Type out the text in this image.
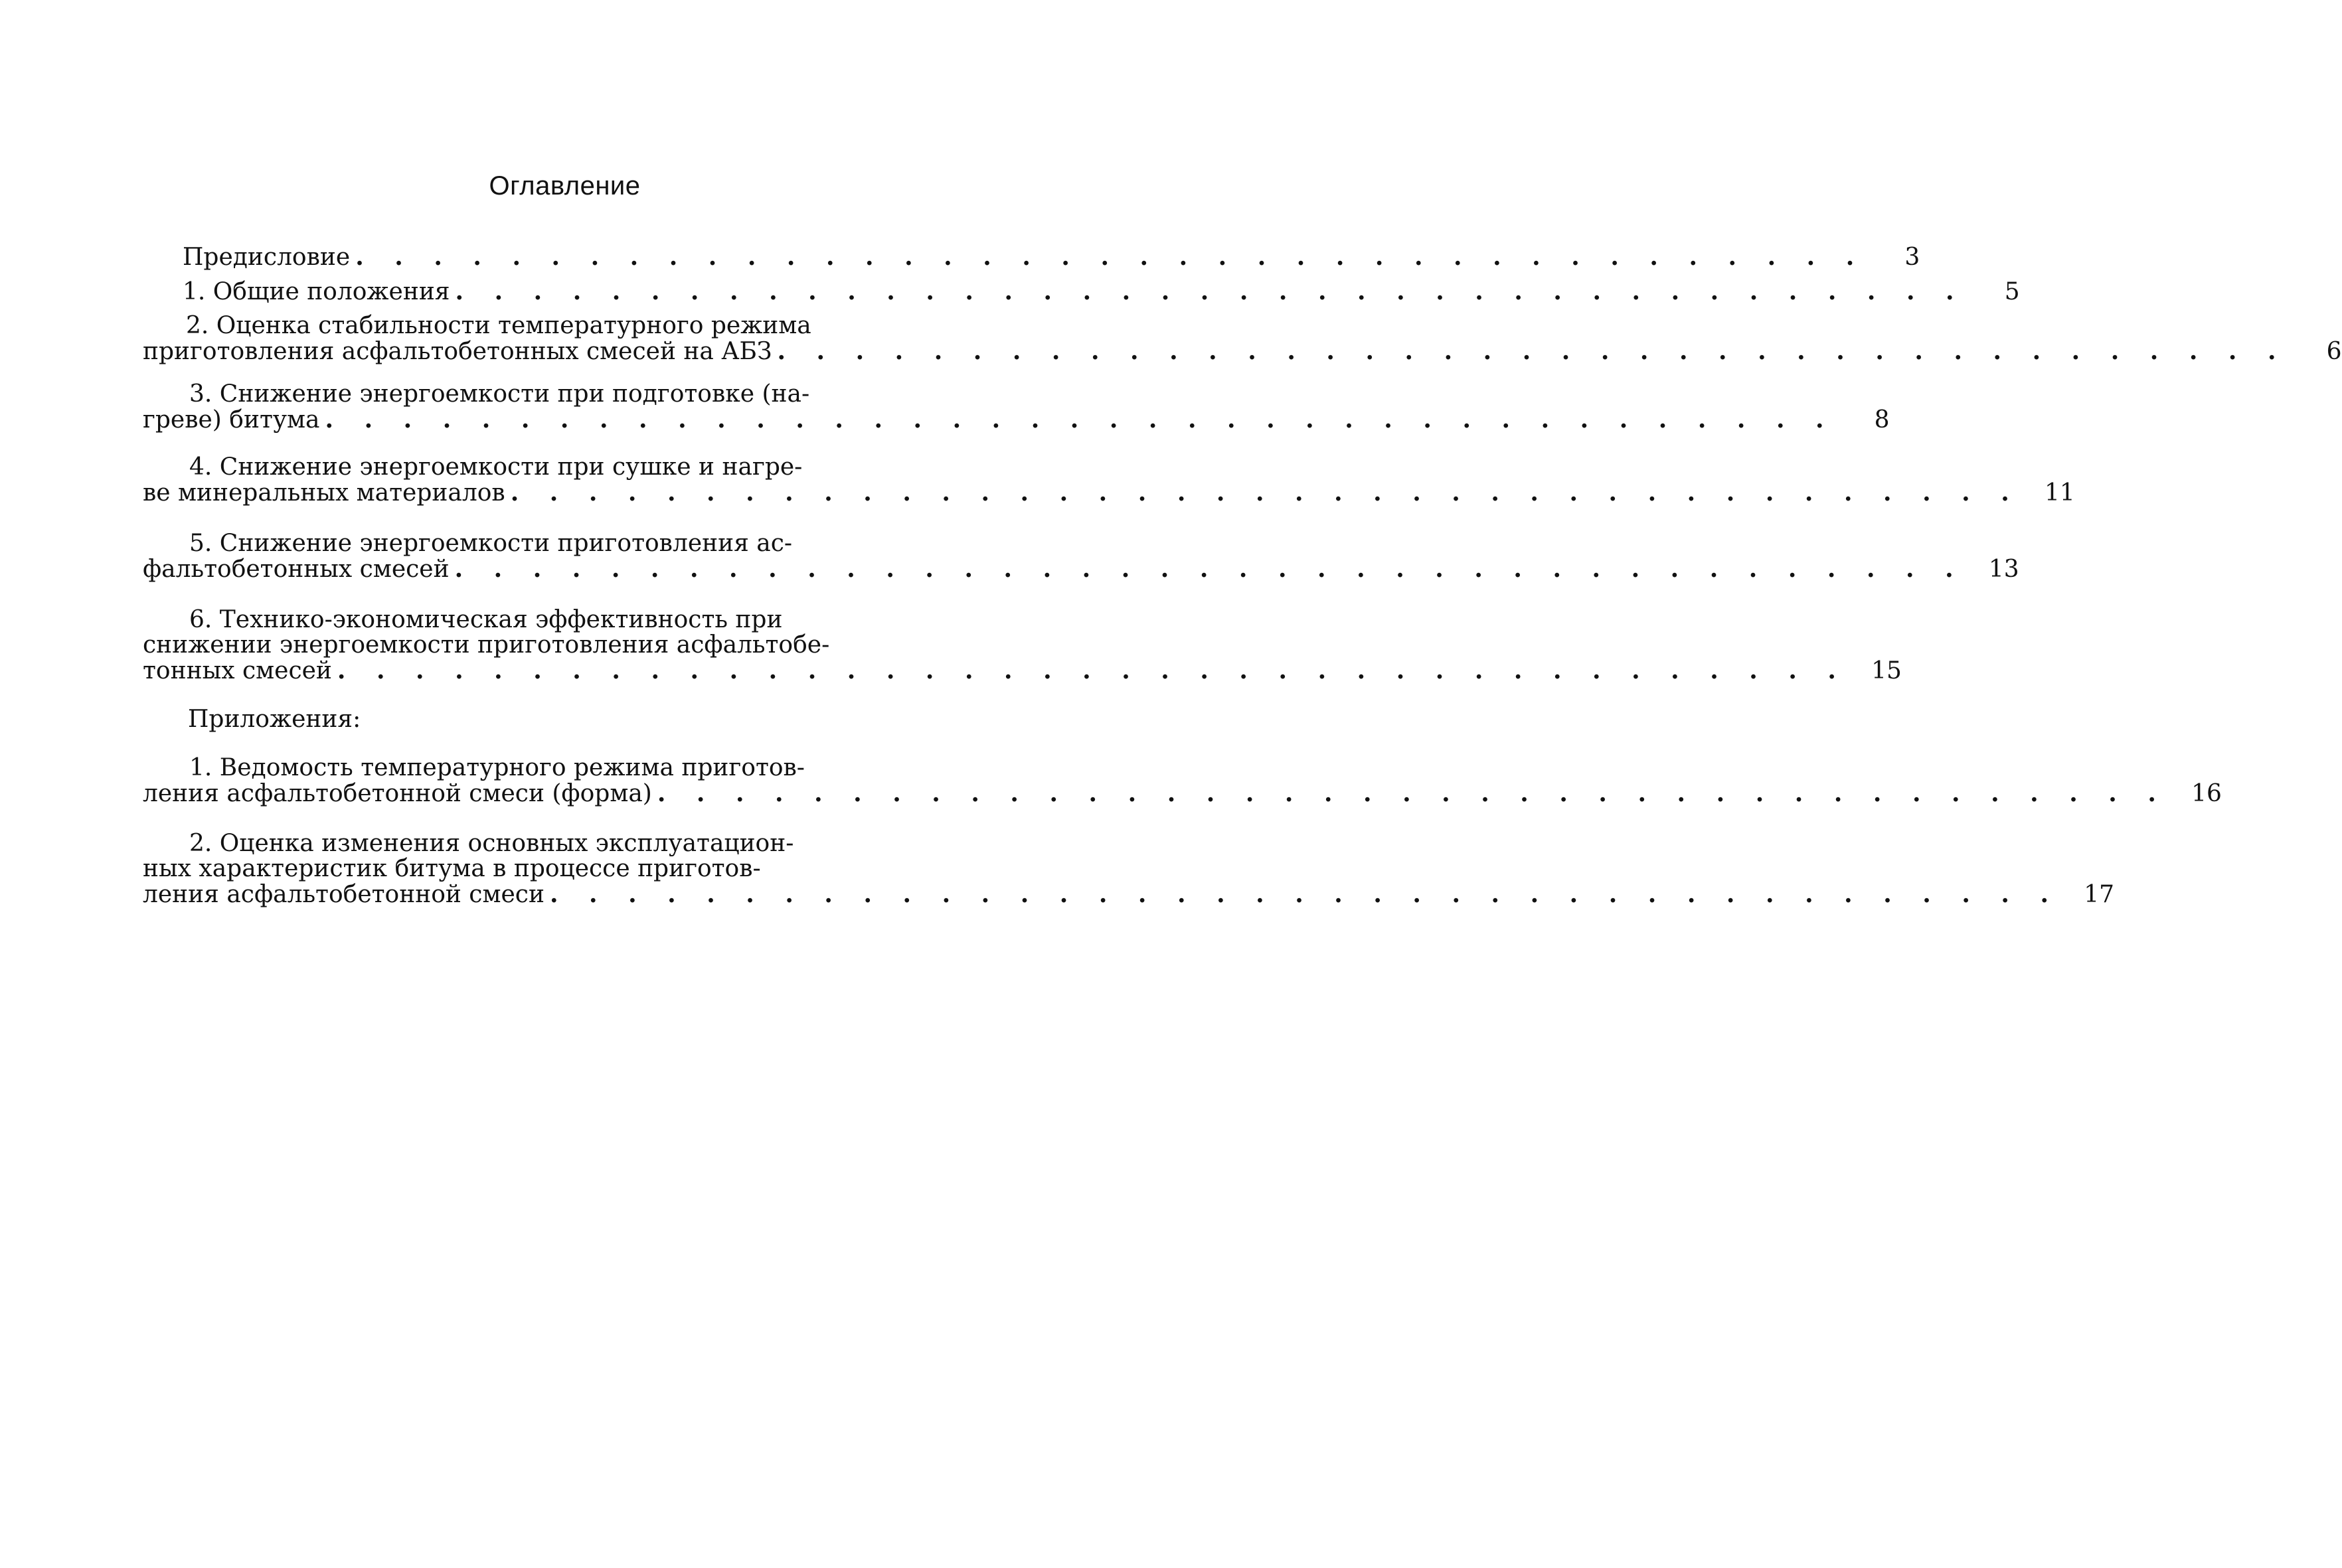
Оглавление
Предисловие . . . . . . . . . . . . . . . . . . . . . . . . . . . . . . . . . . . . . . .	3
1. Общие положения . . . . . . . . . . . . . . . . . . . . . . . . . . . . . . . . . . . . . . .	5
2. Оценка стабильности температурного режима
приготовления асфальтобетонных смесей на АБЗ . . . . . . . . . . . . . . . . . . . . . . . . . . . . . . . . . . . . . . .	6
3. Снижение энергоемкости при подготовке (на-
греве) битума . . . . . . . . . . . . . . . . . . . . . . . . . . . . . . . . . . . . . . .	8
4. Снижение энергоемкости при сушке и нагре-
ве минеральных материалов . . . . . . . . . . . . . . . . . . . . . . . . . . . . . . . . . . . . . . .	11
5. Снижение энергоемкости приготовления ас-
фальтобетонных смесей . . . . . . . . . . . . . . . . . . . . . . . . . . . . . . . . . . . . . . .	13
6. Технико-экономическая эффективность при
снижении энергоемкости приготовления асфальтобе-
тонных смесей . . . . . . . . . . . . . . . . . . . . . . . . . . . . . . . . . . . . . . .	15
Приложения:
1. Ведомость температурного режима приготов-
ления асфальтобетонной смеси (форма) . . . . . . . . . . . . . . . . . . . . . . . . . . . . . . . . . . . . . . .	16
2. Оценка изменения основных эксплуатацион-
ных характеристик битума в процессе приготов-
ления асфальтобетонной смеси . . . . . . . . . . . . . . . . . . . . . . . . . . . . . . . . . . . . . . .	17
